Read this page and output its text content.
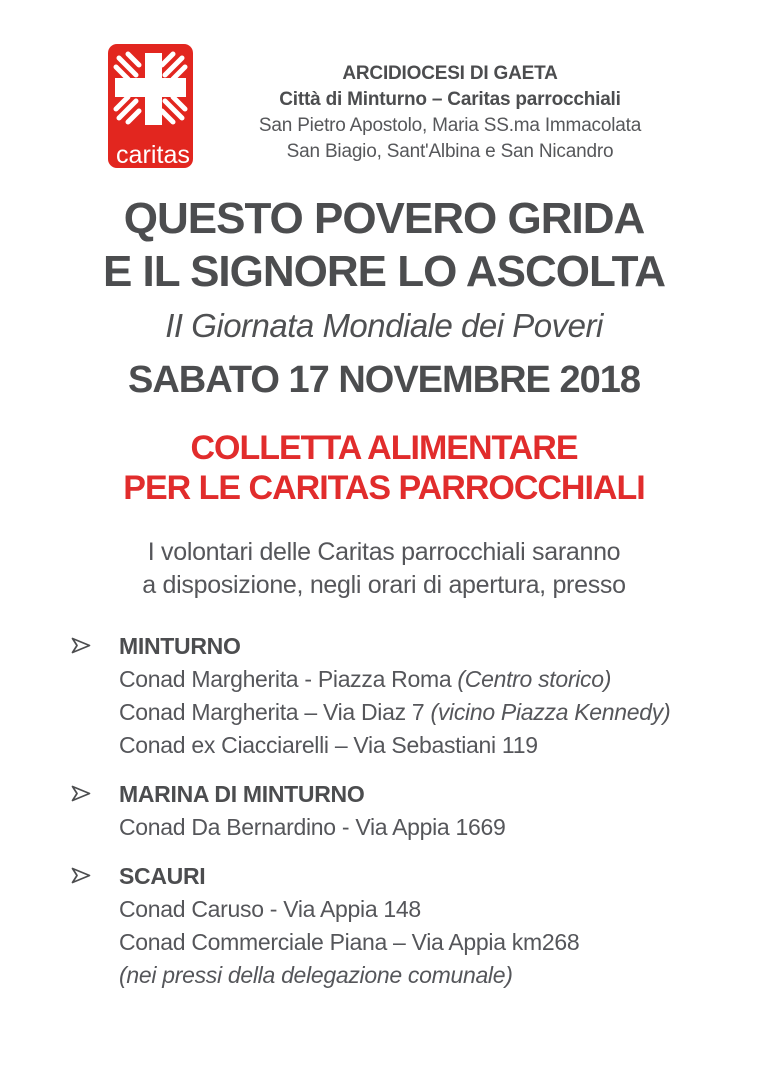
caritas
ARCIDIOCESI DI GAETA
Città di Minturno – Caritas parrocchiali
San Pietro Apostolo, Maria SS.ma Immacolata
San Biagio, Sant'Albina e San Nicandro
QUESTO POVERO GRIDA
E IL SIGNORE LO ASCOLTA
II Giornata Mondiale dei Poveri
SABATO 17 NOVEMBRE 2018
COLLETTA ALIMENTARE
PER LE CARITAS PARROCCHIALI
I volontari delle Caritas parrocchiali saranno
a disposizione, negli orari di apertura, presso
MINTURNO
Conad Margherita - Piazza Roma (Centro storico)
Conad Margherita – Via Diaz 7 (vicino Piazza Kennedy)
Conad ex Ciacciarelli – Via Sebastiani 119
MARINA DI MINTURNO
Conad Da Bernardino - Via Appia 1669
SCAURI
Conad Caruso - Via Appia 148
Conad Commerciale Piana – Via Appia km268
(nei pressi della delegazione comunale)
